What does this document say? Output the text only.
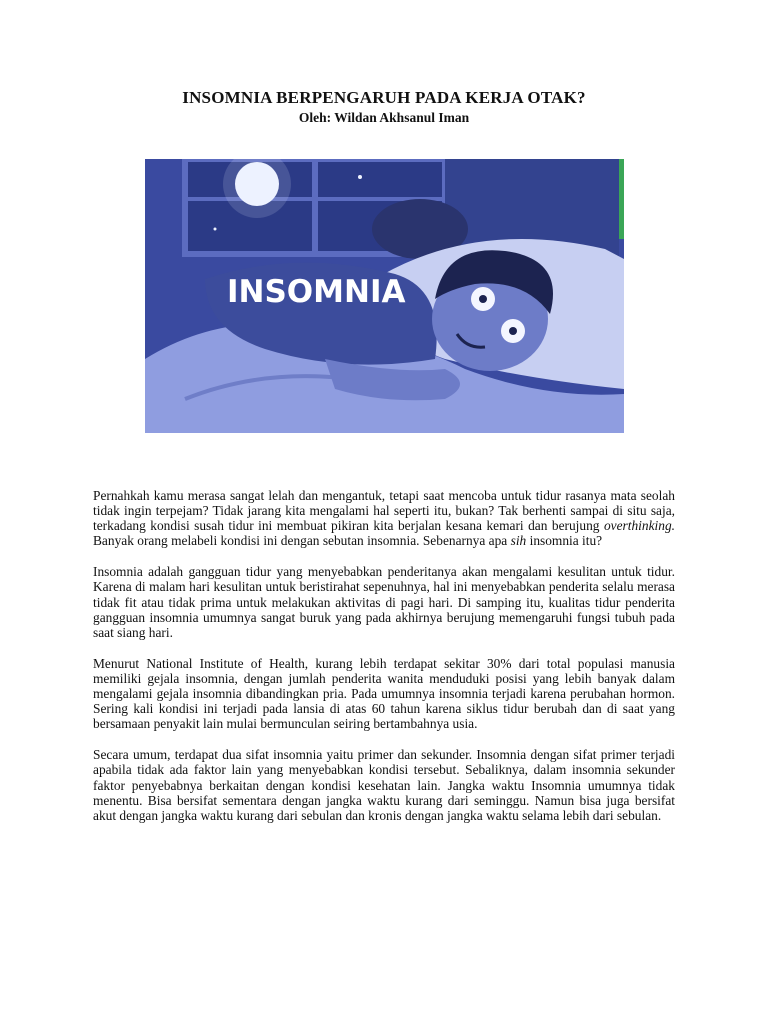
INSOMNIA BERPENGARUH PADA KERJA OTAK?
Oleh: Wildan Akhsanul Iman
INSOMNIA

Pernahkah kamu merasa sangat lelah dan mengantuk, tetapi saat mencoba untuk tidur rasanya mata seolah tidak ingin terpejam? Tidak jarang kita mengalami hal seperti itu, bukan? Tak berhenti sampai di situ saja, terkadang kondisi susah tidur ini membuat pikiran kita berjalan kesana kemari dan berujung overthinking. Banyak orang melabeli kondisi ini dengan sebutan insomnia. Sebenarnya apa sih insomnia itu?

Insomnia adalah gangguan tidur yang menyebabkan penderitanya akan mengalami kesulitan untuk tidur. Karena di malam hari kesulitan untuk beristirahat sepenuhnya, hal ini menyebabkan penderita selalu merasa tidak fit atau tidak prima untuk melakukan aktivitas di pagi hari. Di samping itu, kualitas tidur penderita gangguan insomnia umumnya sangat buruk yang pada akhirnya berujung memengaruhi fungsi tubuh pada saat siang hari.

Menurut National Institute of Health, kurang lebih terdapat sekitar 30% dari total populasi manusia memiliki gejala insomnia, dengan jumlah penderita wanita menduduki posisi yang lebih banyak dalam mengalami gejala insomnia dibandingkan pria. Pada umumnya insomnia terjadi karena perubahan hormon. Sering kali kondisi ini terjadi pada lansia di atas 60 tahun karena siklus tidur berubah dan di saat yang bersamaan penyakit lain mulai bermunculan seiring bertambahnya usia.

Secara umum, terdapat dua sifat insomnia yaitu primer dan sekunder. Insomnia dengan sifat primer terjadi apabila tidak ada faktor lain yang menyebabkan kondisi tersebut. Sebaliknya, dalam insomnia sekunder faktor penyebabnya berkaitan dengan kondisi kesehatan lain. Jangka waktu Insomnia umumnya tidak menentu. Bisa bersifat sementara dengan jangka waktu kurang dari seminggu. Namun bisa juga bersifat akut dengan jangka waktu kurang dari sebulan dan kronis dengan jangka waktu selama lebih dari sebulan.
